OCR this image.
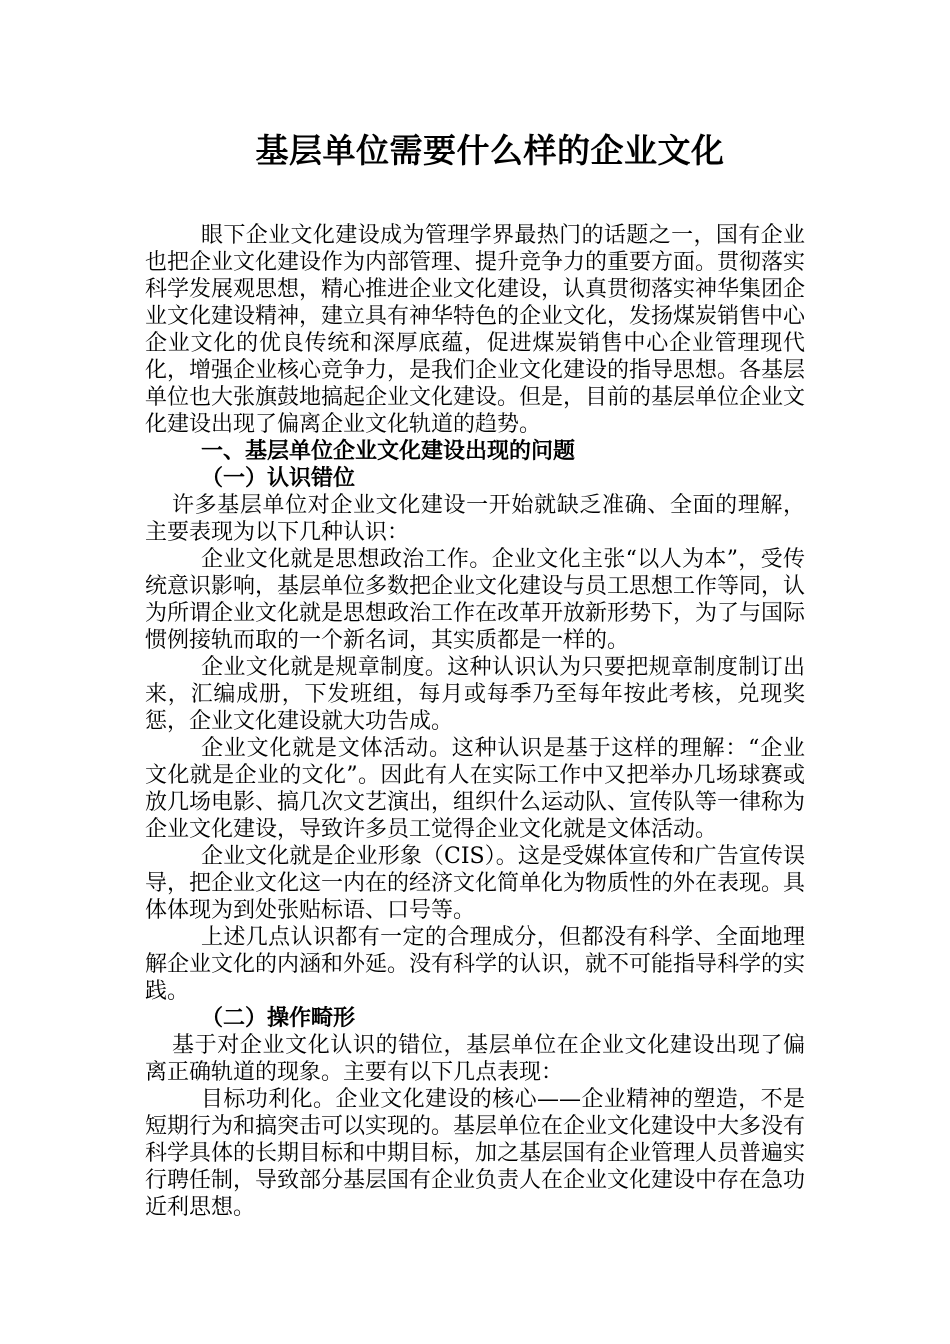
基层单位需要什么样的企业文化

眼下企业文化建设成为管理学界最热门的话题之一，国有企业也把企业文化建设作为内部管理、提升竞争力的重要方面。贯彻落实科学发展观思想，精心推进企业文化建设，认真贯彻落实神华集团企业文化建设精神，建立具有神华特色的企业文化，发扬煤炭销售中心企业文化的优良传统和深厚底蕴，促进煤炭销售中心企业管理现代化，增强企业核心竞争力，是我们企业文化建设的指导思想。各基层单位也大张旗鼓地搞起企业文化建设。但是，目前的基层单位企业文化建设出现了偏离企业文化轨道的趋势。

一、基层单位企业文化建设出现的问题

（一）认识错位

许多基层单位对企业文化建设一开始就缺乏准确、全面的理解，主要表现为以下几种认识：

企业文化就是思想政治工作。企业文化主张“以人为本”，受传统意识影响，基层单位多数把企业文化建设与员工思想工作等同，认为所谓企业文化就是思想政治工作在改革开放新形势下，为了与国际惯例接轨而取的一个新名词，其实质都是一样的。

企业文化就是规章制度。这种认识认为只要把规章制度制订出来，汇编成册，下发班组，每月或每季乃至每年按此考核，兑现奖惩，企业文化建设就大功告成。

企业文化就是文体活动。这种认识是基于这样的理解：“企业文化就是企业的文化”。因此有人在实际工作中又把举办几场球赛或放几场电影、搞几次文艺演出，组织什么运动队、宣传队等一律称为企业文化建设，导致许多员工觉得企业文化就是文体活动。

企业文化就是企业形象（CIS）。这是受媒体宣传和广告宣传误导，把企业文化这一内在的经济文化简单化为物质性的外在表现。具体体现为到处张贴标语、口号等。

上述几点认识都有一定的合理成分，但都没有科学、全面地理解企业文化的内涵和外延。没有科学的认识，就不可能指导科学的实践。

（二）操作畸形

基于对企业文化认识的错位，基层单位在企业文化建设出现了偏离正确轨道的现象。主要有以下几点表现：

目标功利化。企业文化建设的核心——企业精神的塑造，不是短期行为和搞突击可以实现的。基层单位在企业文化建设中大多没有科学具体的长期目标和中期目标，加之基层国有企业管理人员普遍实行聘任制，导致部分基层国有企业负责人在企业文化建设中存在急功近利思想。
